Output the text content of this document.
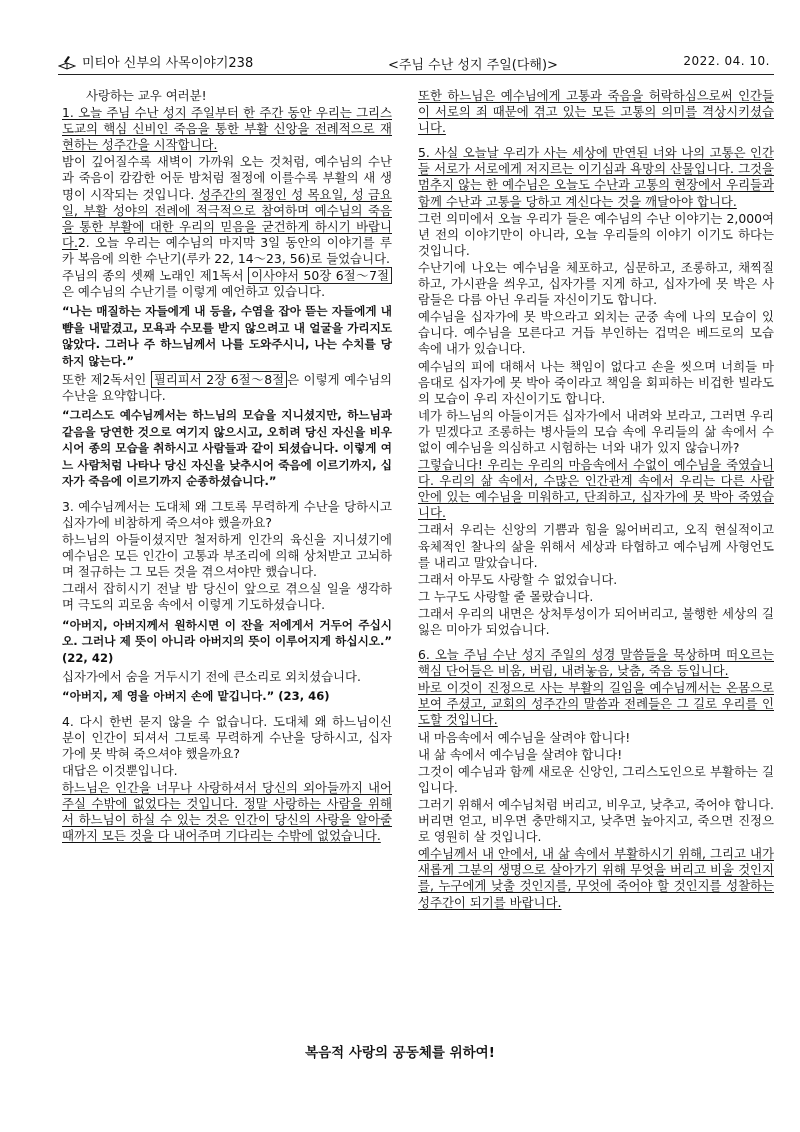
미티아 신부의 사목이야기238	<주님 수난 성지 주일(다해)>	2022. 04. 10.

사랑하는 교우 여러분!

1. 오늘 주님 수난 성지 주일부터 한 주간 동안 우리는 그리스도교의 핵심 신비인 죽음을 통한 부활 신앙을 전례적으로 재현하는 성주간을 시작합니다.

밤이 깊어질수록 새벽이 가까워 오는 것처럼, 예수님의 수난과 죽음이 캄캄한 어둔 밤처럼 절정에 이를수록 부활의 새 생명이 시작되는 것입니다. 성주간의 절정인 성 목요일, 성 금요일, 부활 성야의 전례에 적극적으로 참여하며 예수님의 죽음을 통한 부활에 대한 우리의 믿음을 굳건하게 하시기 바랍니다.2. 오늘 우리는 예수님의 마지막 3일 동안의 이야기를 루카 복음에 의한 수난기(루카 22, 14～23, 56)로 들었습니다.

주님의 종의 셋째 노래인 제1독서 이사야서 50장 6절～7절은 예수님의 수난기를 이렇게 예언하고 있습니다.

“나는 매질하는 자들에게 내 등을, 수염을 잡아 뜯는 자들에게 내 뺨을 내맡겼고, 모욕과 수모를 받지 않으려고 내 얼굴을 가리지도 않았다. 그러나 주 하느님께서 나를 도와주시니, 나는 수치를 당하지 않는다.”

또한 제2독서인 필리피서 2장 6절～8절 은 이렇게 예수님의 수난을 요약합니다.

“그리스도 예수님께서는 하느님의 모습을 지니셨지만, 하느님과 같음을 당연한 것으로 여기지 않으시고, 오히려 당신 자신을 비우시어 종의 모습을 취하시고 사람들과 같이 되셨습니다. 이렇게 여느 사람처럼 나타나 당신 자신을 낮추시어 죽음에 이르기까지, 십자가 죽음에 이르기까지 순종하셨습니다.”

3. 예수님께서는 도대체 왜 그토록 무력하게 수난을 당하시고 십자가에 비참하게 죽으셔야 했을까요?

하느님의 아들이셨지만 철저하게 인간의 육신을 지니셨기에 예수님은 모든 인간이 고통과 부조리에 의해 상처받고 고뇌하며 절규하는 그 모든 것을 겪으셔야만 했습니다.

그래서 잡히시기 전날 밤 당신이 앞으로 겪으실 일을 생각하며 극도의 괴로움 속에서 이렇게 기도하셨습니다.

“아버지, 아버지께서 원하시면 이 잔을 저에게서 거두어 주십시오. 그러나 제 뜻이 아니라 아버지의 뜻이 이루어지게 하십시오.” (22, 42)

십자가에서 숨을 거두시기 전에 큰소리로 외치셨습니다.

“아버지, 제 영을 아버지 손에 맡깁니다.” (23, 46)

4. 다시 한번 묻지 않을 수 없습니다. 도대체 왜 하느님이신 분이 인간이 되셔서 그토록 무력하게 수난을 당하시고, 십자가에 못 박혀 죽으셔야 했을까요?

대답은 이것뿐입니다.

하느님은 인간을 너무나 사랑하셔서 당신의 외아들까지 내어주실 수밖에 없었다는 것입니다. 정말 사랑하는 사람을 위해서 하느님이 하실 수 있는 것은 인간이 당신의 사랑을 알아줄 때까지 모든 것을 다 내어주며 기다리는 수밖에 없었습니다.

또한 하느님은 예수님에게 고통과 죽음을 허락하심으로써 인간들이 서로의 죄 때문에 겪고 있는 모든 고통의 의미를 격상시키셨습니다.

5. 사실 오늘날 우리가 사는 세상에 만연된 너와 나의 고통은 인간들 서로가 서로에게 저지르는 이기심과 욕망의 산물입니다. 그것을 멈추지 않는 한 예수님은 오늘도 수난과 고통의 현장에서 우리들과 함께 수난과 고통을 당하고 계신다는 것을 깨달아야 합니다.

그런 의미에서 오늘 우리가 들은 예수님의 수난 이야기는 2,000여년 전의 이야기만이 아니라, 오늘 우리들의 이야기 이기도 하다는 것입니다.

수난기에 나오는 예수님을 체포하고, 심문하고, 조롱하고, 채찍질하고, 가시관을 씌우고, 십자가를 지게 하고, 십자가에 못 박은 사람들은 다름 아닌 우리들 자신이기도 합니다.

예수님을 십자가에 못 박으라고 외치는 군중 속에 나의 모습이 있습니다. 예수님을 모른다고 거듭 부인하는 겁먹은 베드로의 모습 속에 내가 있습니다.

예수님의 피에 대해서 나는 책임이 없다고 손을 씻으며 너희들 마음대로 십자가에 못 박아 죽이라고 책임을 회피하는 비겁한 빌라도의 모습이 우리 자신이기도 합니다.

네가 하느님의 아들이거든 십자가에서 내려와 보라고, 그러면 우리가 믿겠다고 조롱하는 병사들의 모습 속에 우리들의 삶 속에서 수없이 예수님을 의심하고 시험하는 너와 내가 있지 않습니까?

그렇습니다! 우리는 우리의 마음속에서 수없이 예수님을 죽였습니다. 우리의 삶 속에서, 수많은 인간관계 속에서 우리는 다른 사람 안에 있는 예수님을 미워하고, 단죄하고, 십자가에 못 박아 죽였습니다.

그래서 우리는 신앙의 기쁨과 힘을 잃어버리고, 오직 현실적이고 육체적인 찰나의 삶을 위해서 세상과 타협하고 예수님께 사형언도를 내리고 말았습니다.

그래서 아무도 사랑할 수 없었습니다.

그 누구도 사랑할 줄 몰랐습니다.

그래서 우리의 내면은 상처투성이가 되어버리고, 불행한 세상의 길 잃은 미아가 되었습니다.

6. 오늘 주님 수난 성지 주일의 성경 말씀들을 묵상하며 떠오르는 핵심 단어들은 비움, 버림, 내려놓음, 낮춤, 죽음 등입니다.

바로 이것이 진정으로 사는 부활의 길임을 예수님께서는 온몸으로 보여 주셨고, 교회의 성주간의 말씀과 전례들은 그 길로 우리를 인도할 것입니다.

내 마음속에서 예수님을 살려야 합니다!

내 삶 속에서 예수님을 살려야 합니다!

그것이 예수님과 함께 새로운 신앙인, 그리스도인으로 부활하는 길입니다.

그러기 위해서 예수님처럼 버리고, 비우고, 낮추고, 죽어야 합니다. 버리면 얻고, 비우면 충만해지고, 낮추면 높아지고, 죽으면 진정으로 영원히 살 것입니다.

예수님께서 내 안에서, 내 삶 속에서 부활하시기 위해, 그리고 내가 새롭게 그분의 생명으로 살아가기 위해 무엇을 버리고 비울 것인지를, 누구에게 낮출 것인지를, 무엇에 죽어야 할 것인지를 성찰하는 성주간이 되기를 바랍니다.

복음적 사랑의 공동체를 위하여!
